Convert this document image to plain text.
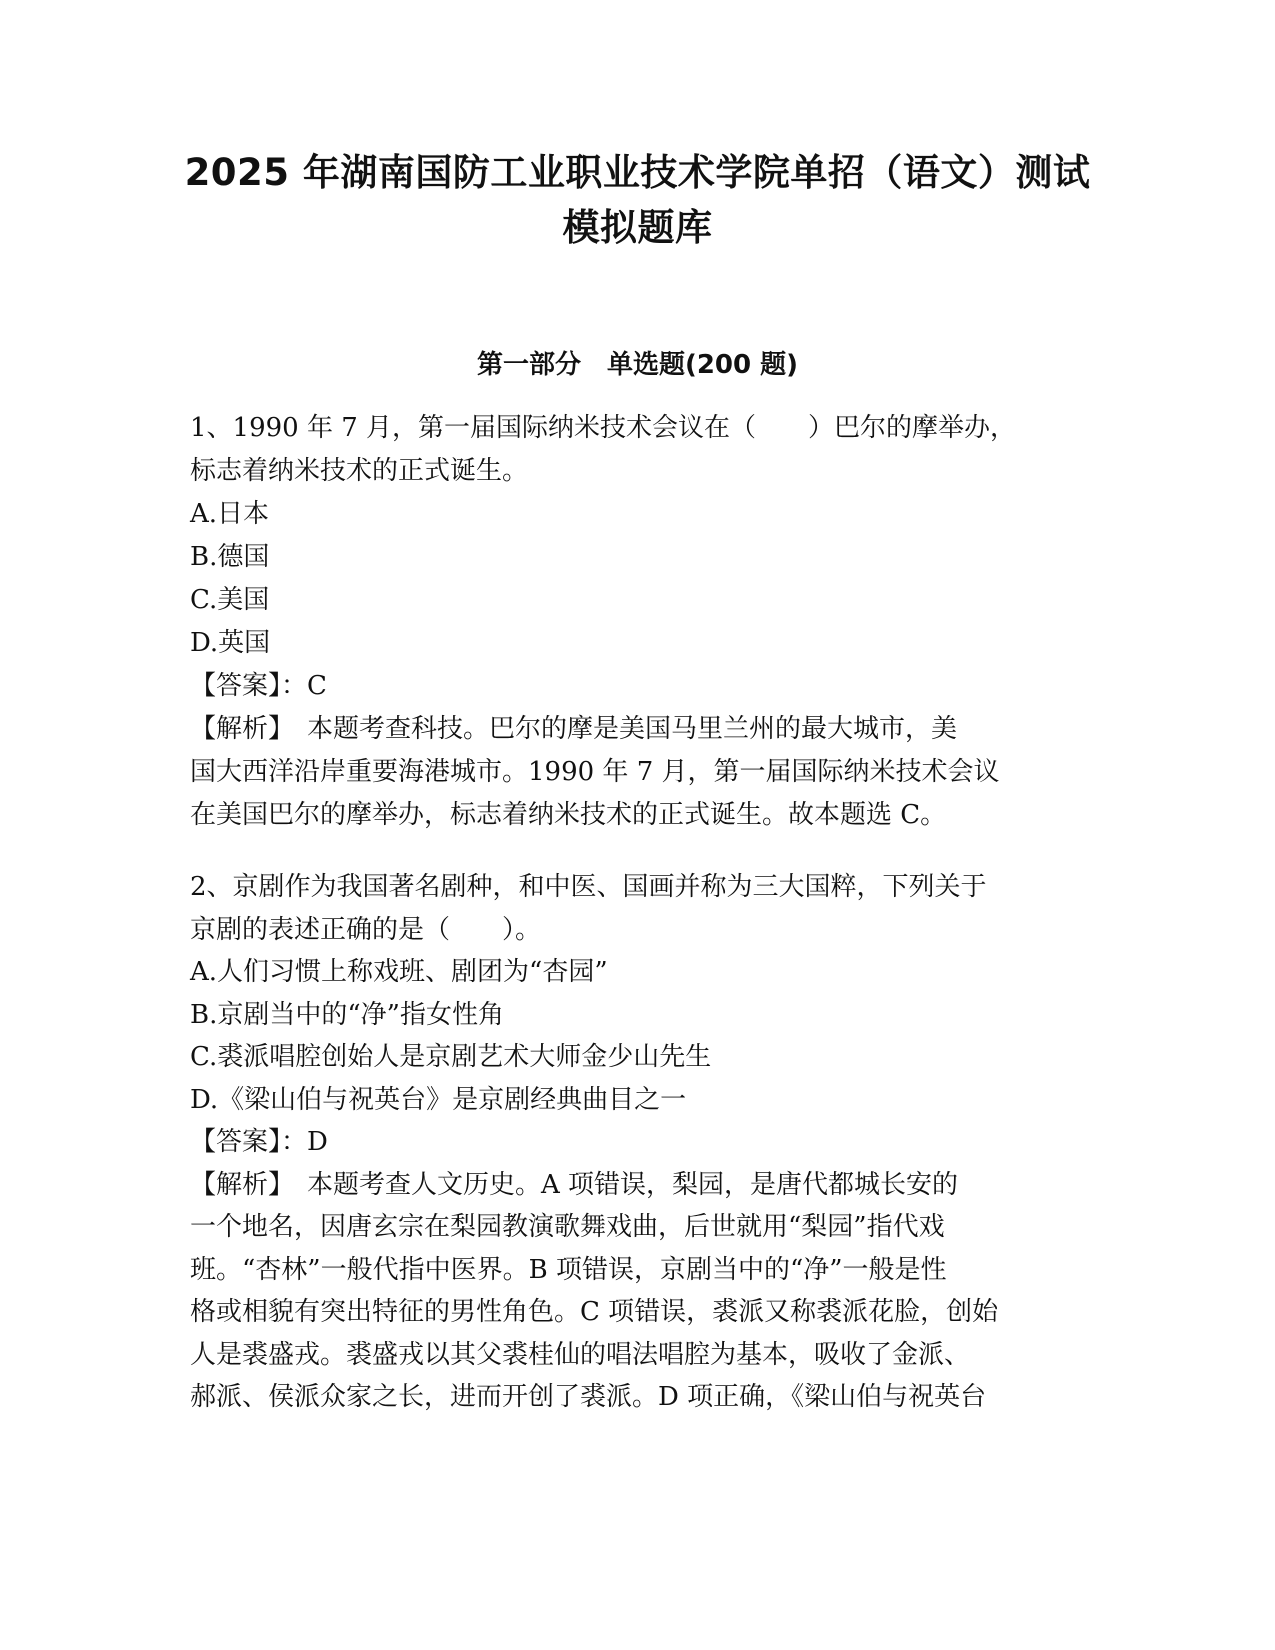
2025 年湖南国防工业职业技术学院单招（语文）测试
模拟题库
第一部分　单选题(200 题)
1、1990 年 7 月，第一届国际纳米技术会议在（　　）巴尔的摩举办，
标志着纳米技术的正式诞生。
A.日本
B.德国
C.美国
D.英国
【答案】：C
【解析】　本题考查科技。巴尔的摩是美国马里兰州的最大城市，美
国大西洋沿岸重要海港城市。1990 年 7 月，第一届国际纳米技术会议
在美国巴尔的摩举办，标志着纳米技术的正式诞生。故本题选 C。
2、京剧作为我国著名剧种，和中医、国画并称为三大国粹，下列关于
京剧的表述正确的是（　　）。
A.人们习惯上称戏班、剧团为“杏园”
B.京剧当中的“净”指女性角
C.裘派唱腔创始人是京剧艺术大师金少山先生
D.《梁山伯与祝英台》是京剧经典曲目之一
【答案】：D
【解析】　本题考查人文历史。A 项错误，梨园，是唐代都城长安的
一个地名，因唐玄宗在梨园教演歌舞戏曲，后世就用“梨园”指代戏
班。“杏林”一般代指中医界。B 项错误，京剧当中的“净”一般是性
格或相貌有突出特征的男性角色。C 项错误，裘派又称裘派花脸，创始
人是裘盛戎。裘盛戎以其父裘桂仙的唱法唱腔为基本，吸收了金派、
郝派、侯派众家之长，进而开创了裘派。D 项正确，《梁山伯与祝英台
